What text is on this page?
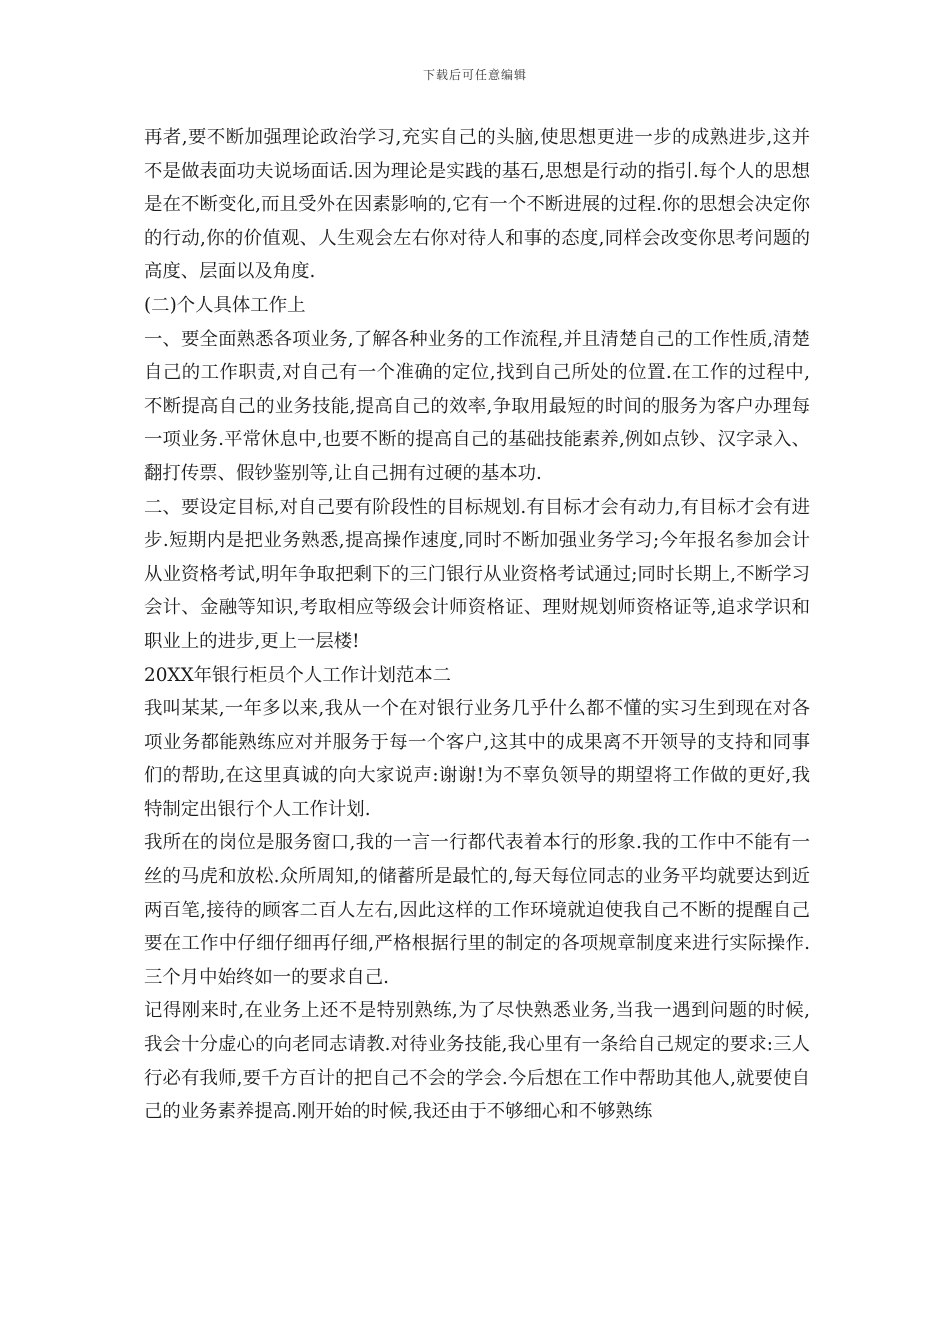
下载后可任意编辑

再者,要不断加强理论政治学习,充实自己的头脑,使思想更进一步的成熟进步,这并不是做表面功夫说场面话.因为理论是实践的基石,思想是行动的指引.每个人的思想是在不断变化,而且受外在因素影响的,它有一个不断进展的过程.你的思想会决定你的行动,你的价值观、人生观会左右你对待人和事的态度,同样会改变你思考问题的高度、层面以及角度.

(二)个人具体工作上

一、要全面熟悉各项业务,了解各种业务的工作流程,并且清楚自己的工作性质,清楚自己的工作职责,对自己有一个准确的定位,找到自己所处的位置.在工作的过程中,不断提高自己的业务技能,提高自己的效率,争取用最短的时间的服务为客户办理每一项业务.平常休息中,也要不断的提高自己的基础技能素养,例如点钞、汉字录入、翻打传票、假钞鉴别等,让自己拥有过硬的基本功.

二、要设定目标,对自己要有阶段性的目标规划.有目标才会有动力,有目标才会有进步.短期内是把业务熟悉,提高操作速度,同时不断加强业务学习;今年报名参加会计从业资格考试,明年争取把剩下的三门银行从业资格考试通过;同时长期上,不断学习会计、金融等知识,考取相应等级会计师资格证、理财规划师资格证等,追求学识和职业上的进步,更上一层楼!

20XX年银行柜员个人工作计划范本二

我叫某某,一年多以来,我从一个在对银行业务几乎什么都不懂的实习生到现在对各项业务都能熟练应对并服务于每一个客户,这其中的成果离不开领导的支持和同事们的帮助,在这里真诚的向大家说声:谢谢!为不辜负领导的期望将工作做的更好,我特制定出银行个人工作计划.

我所在的岗位是服务窗口,我的一言一行都代表着本行的形象.我的工作中不能有一丝的马虎和放松.众所周知,的储蓄所是最忙的,每天每位同志的业务平均就要达到近两百笔,接待的顾客二百人左右,因此这样的工作环境就迫使我自己不断的提醒自己要在工作中仔细仔细再仔细,严格根据行里的制定的各项规章制度来进行实际操作.三个月中始终如一的要求自己.

记得刚来时,在业务上还不是特别熟练,为了尽快熟悉业务,当我一遇到问题的时候,我会十分虚心的向老同志请教.对待业务技能,我心里有一条给自己规定的要求:三人行必有我师,要千方百计的把自己不会的学会.今后想在工作中帮助其他人,就要使自己的业务素养提高.刚开始的时候,我还由于不够细心和不够熟练
